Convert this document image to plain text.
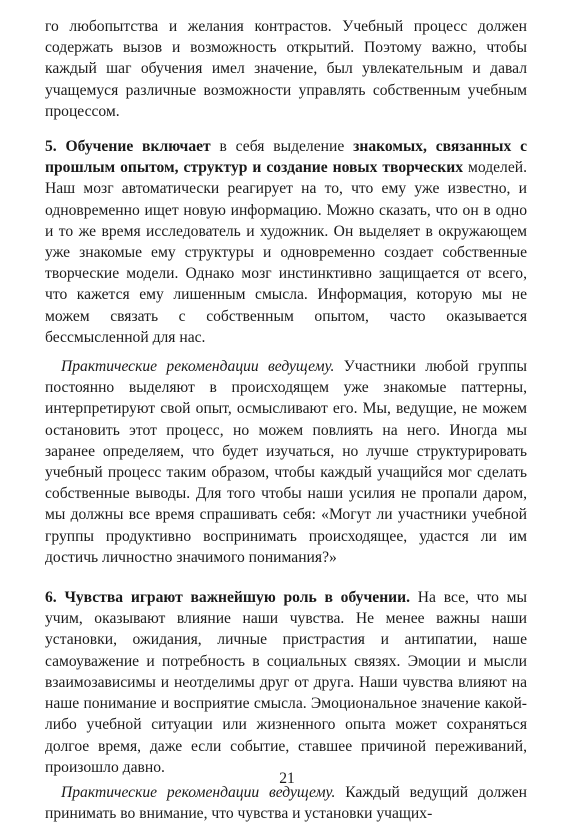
го любопытства и желания контрастов. Учебный процесс должен содержать вызов и возможность открытий. Поэтому важно, чтобы каждый шаг обучения имел значение, был увлекательным и давал учащемуся различные возможности управлять собственным учебным процессом.

5. Обучение включает в себя выделение знакомых, связанных с прошлым опытом, структур и создание новых творческих моделей. Наш мозг автоматически реагирует на то, что ему уже известно, и одновременно ищет новую информацию. Можно сказать, что он в одно и то же время исследователь и художник. Он выделяет в окружающем уже знакомые ему структуры и одновременно создает собственные творческие модели. Однако мозг инстинктивно защищается от всего, что кажется ему лишенным смысла. Информация, которую мы не можем связать с собственным опытом, часто оказывается бессмысленной для нас.

Практические рекомендации ведущему. Участники любой группы постоянно выделяют в происходящем уже знакомые паттерны, интерпретируют свой опыт, осмысливают его. Мы, ведущие, не можем остановить этот процесс, но можем повлиять на него. Иногда мы заранее определяем, что будет изучаться, но лучше структурировать учебный процесс таким образом, чтобы каждый учащийся мог сделать собственные выводы. Для того чтобы наши усилия не пропали даром, мы должны все время спрашивать себя: «Могут ли участники учебной группы продуктивно воспринимать происходящее, удастся ли им достичь личностно значимого понимания?»

6. Чувства играют важнейшую роль в обучении. На все, что мы учим, оказывают влияние наши чувства. Не менее важны наши установки, ожидания, личные пристрастия и антипатии, наше самоуважение и потребность в социальных связях. Эмоции и мысли взаимозависимы и неотделимы друг от друга. Наши чувства влияют на наше понимание и восприятие смысла. Эмоциональное значение какой-либо учебной ситуации или жизненного опыта может сохраняться долгое время, даже если событие, ставшее причиной переживаний, произошло давно.

Практические рекомендации ведущему. Каждый ведущий должен принимать во внимание, что чувства и установки учащих-

21
